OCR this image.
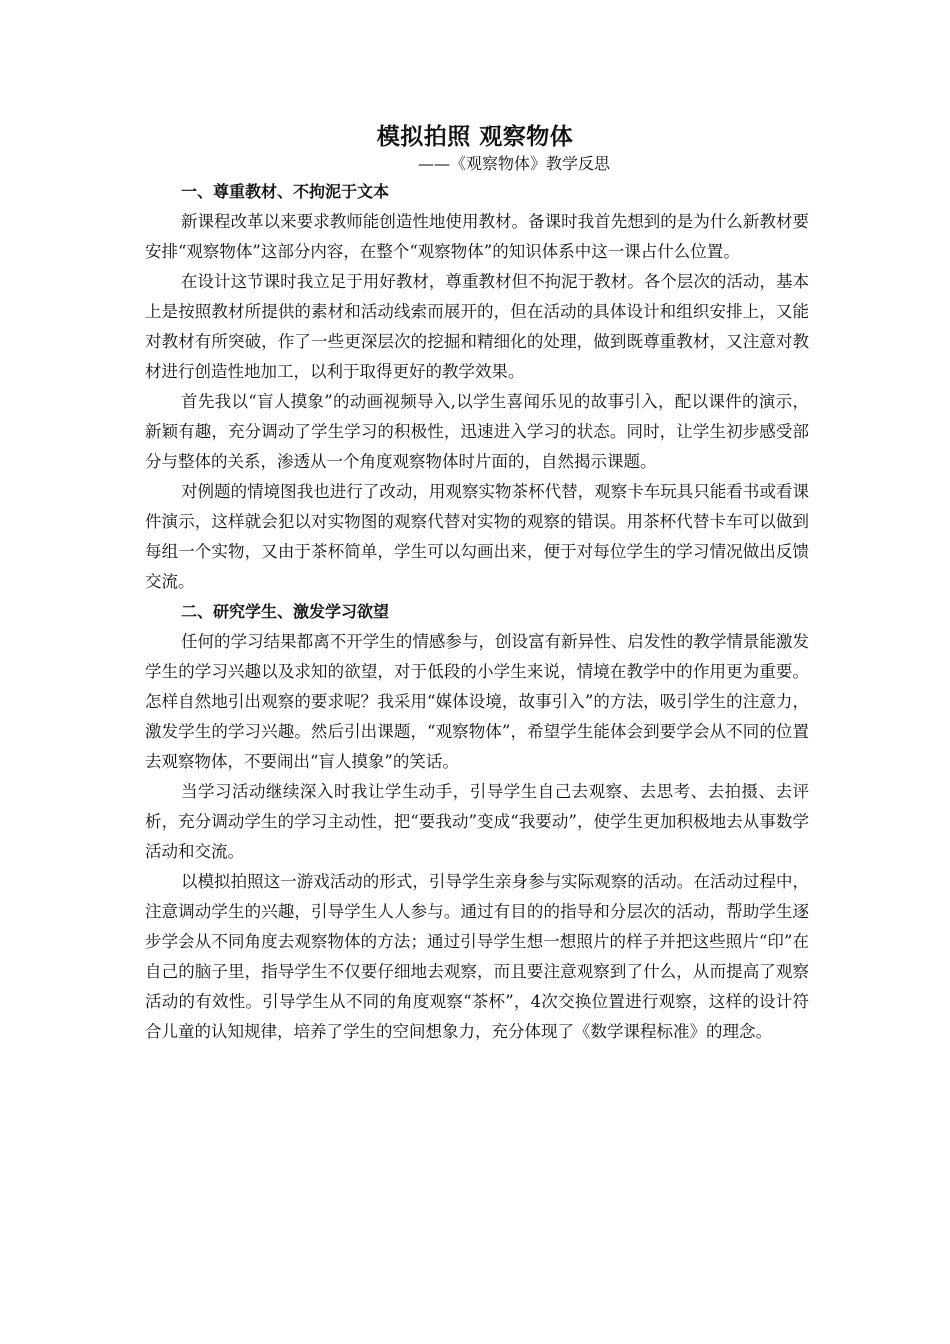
模拟拍照 观察物体
——《观察物体》教学反思

一、尊重教材、不拘泥于文本

新课程改革以来要求教师能创造性地使用教材。备课时我首先想到的是为什么新教材要安排“观察物体”这部分内容，在整个“观察物体”的知识体系中这一课占什么位置。

在设计这节课时我立足于用好教材，尊重教材但不拘泥于教材。各个层次的活动，基本上是按照教材所提供的素材和活动线索而展开的，但在活动的具体设计和组织安排上，又能对教材有所突破，作了一些更深层次的挖掘和精细化的处理，做到既尊重教材，又注意对教材进行创造性地加工，以利于取得更好的教学效果。

首先我以“盲人摸象”的动画视频导入,以学生喜闻乐见的故事引入，配以课件的演示，新颖有趣，充分调动了学生学习的积极性，迅速进入学习的状态。同时，让学生初步感受部分与整体的关系，渗透从一个角度观察物体时片面的，自然揭示课题。

对例题的情境图我也进行了改动，用观察实物茶杯代替，观察卡车玩具只能看书或看课件演示，这样就会犯以对实物图的观察代替对实物的观察的错误。用茶杯代替卡车可以做到每组一个实物，又由于茶杯简单，学生可以勾画出来，便于对每位学生的学习情况做出反馈交流。

二、研究学生、激发学习欲望

任何的学习结果都离不开学生的情感参与，创设富有新异性、启发性的教学情景能激发学生的学习兴趣以及求知的欲望，对于低段的小学生来说，情境在教学中的作用更为重要。怎样自然地引出观察的要求呢？我采用“媒体设境，故事引入”的方法，吸引学生的注意力，激发学生的学习兴趣。然后引出课题，“观察物体”，希望学生能体会到要学会从不同的位置去观察物体，不要闹出“盲人摸象”的笑话。

当学习活动继续深入时我让学生动手，引导学生自己去观察、去思考、去拍摄、去评析，充分调动学生的学习主动性，把“要我动”变成“我要动”，使学生更加积极地去从事数学活动和交流。

以模拟拍照这一游戏活动的形式，引导学生亲身参与实际观察的活动。在活动过程中，注意调动学生的兴趣，引导学生人人参与。通过有目的的指导和分层次的活动，帮助学生逐步学会从不同角度去观察物体的方法；通过引导学生想一想照片的样子并把这些照片“印”在自己的脑子里，指导学生不仅要仔细地去观察，而且要注意观察到了什么，从而提高了观察活动的有效性。引导学生从不同的角度观察“茶杯”，4次交换位置进行观察，这样的设计符合儿童的认知规律，培养了学生的空间想象力，充分体现了《数学课程标准》的理念。
